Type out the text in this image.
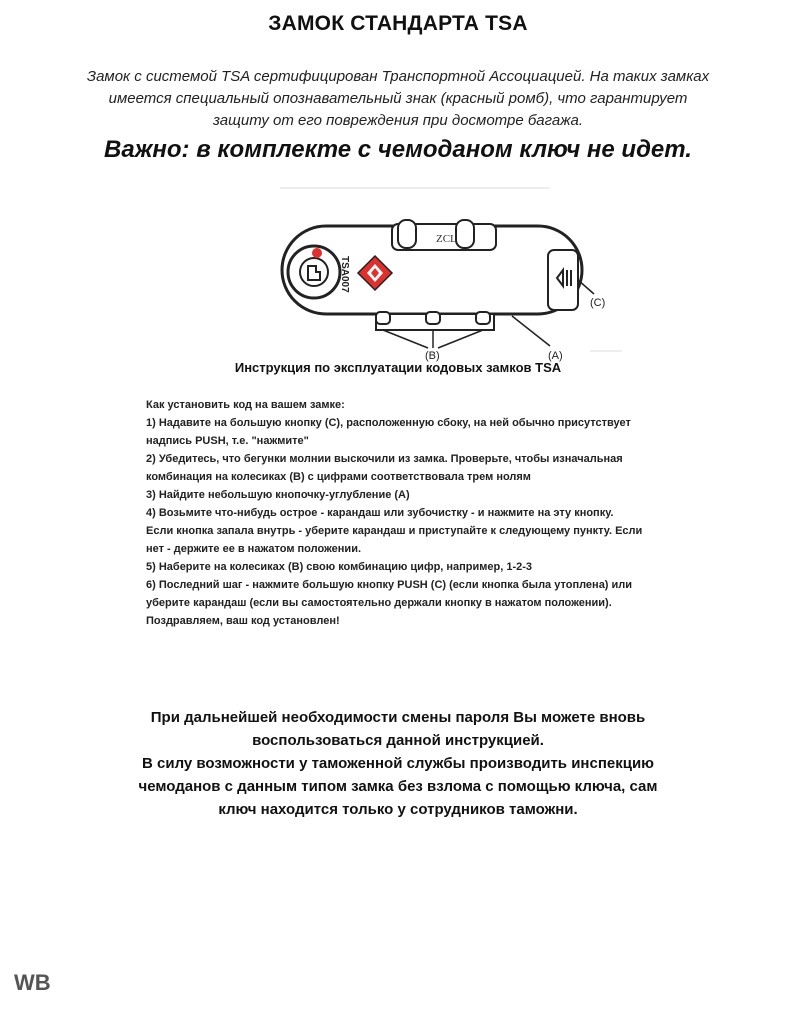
ЗАМОК СТАНДАРТА TSA
Замок с системой TSA сертифицирован Транспортной Ассоциацией. На таких замках
имеется специальный опознавательный знак (красный ромб), что гарантирует
защиту от его повреждения при досмотре багажа.
Важно: в комплекте с чемоданом ключ не идет.
ZCL
TSA007
(C)
(B)	(A)
Инструкция по эксплуатации кодовых замков TSA
Как установить код на вашем замке:
1) Надавите на большую кнопку (C), расположенную сбоку, на ней обычно присутствует
надпись PUSH, т.е. "нажмите"
2) Убедитесь, что бегунки молнии выскочили из замка. Проверьте, чтобы изначальная
комбинация на колесиках (B) с цифрами соответствовала трем нолям
3) Найдите небольшую кнопочку-углубление (A)
4) Возьмите что-нибудь острое - карандаш или зубочистку - и нажмите на эту кнопку.
Если кнопка запала внутрь - уберите карандаш и приступайте к следующему пункту. Если
нет - держите ее в нажатом положении.
5) Наберите на колесиках (B) свою комбинацию цифр, например, 1-2-3
6) Последний шаг - нажмите большую кнопку PUSH (C) (если кнопка была утоплена) или
уберите карандаш (если вы самостоятельно держали кнопку в нажатом положении).
Поздравляем, ваш код установлен!
При дальнейшей необходимости смены пароля Вы можете вновь
воспользоваться данной инструкцией.
В силу возможности у таможенной службы производить инспекцию
чемоданов с данным типом замка без взлома с помощью ключа, сам
ключ находится только у сотрудников таможни.
WB
